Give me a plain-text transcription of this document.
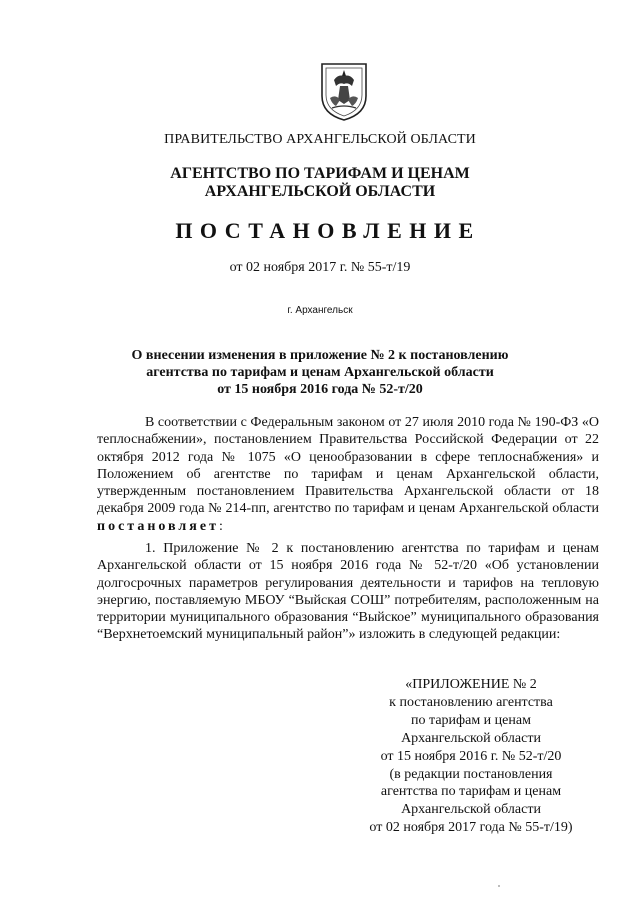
ПРАВИТЕЛЬСТВО АРХАНГЕЛЬСКОЙ ОБЛАСТИ
АГЕНТСТВО ПО ТАРИФАМ И ЦЕНАМ
АРХАНГЕЛЬСКОЙ ОБЛАСТИ
ПОСТАНОВЛЕНИЕ
от 02 ноября 2017 г. № 55-т/19
г. Архангельск
О внесении изменения в приложение № 2 к постановлению
агентства по тарифам и ценам Архангельской области
от 15 ноября 2016 года № 52-т/20
В соответствии с Федеральным законом от 27 июля 2010 года № 190-ФЗ «О теплоснабжении», постановлением Правительства Российской Федерации от 22 октября 2012 года № 1075 «О ценообразовании в сфере теплоснабжения» и Положением об агентстве по тарифам и ценам Архангельской области, утвержденным постановлением Правительства Архангельской области от 18 декабря 2009 года № 214-пп, агентство по тарифам и ценам Архангельской области постановляет:
1. Приложение № 2 к постановлению агентства по тарифам и ценам Архангельской области от 15 ноября 2016 года № 52-т/20 «Об установлении долгосрочных параметров регулирования деятельности и тарифов на тепловую энергию, поставляемую МБОУ “Выйская СОШ” потребителям, расположенным на территории муниципального образования “Выйское” муниципального образования “Верхнетоемский муниципальный район”» изложить в следующей редакции:
«ПРИЛОЖЕНИЕ № 2
к постановлению агентства
по тарифам и ценам
Архангельской области
от 15 ноября 2016 г. № 52-т/20
(в редакции постановления
агентства по тарифам и ценам
Архангельской области
от 02 ноября 2017 года № 55-т/19)
